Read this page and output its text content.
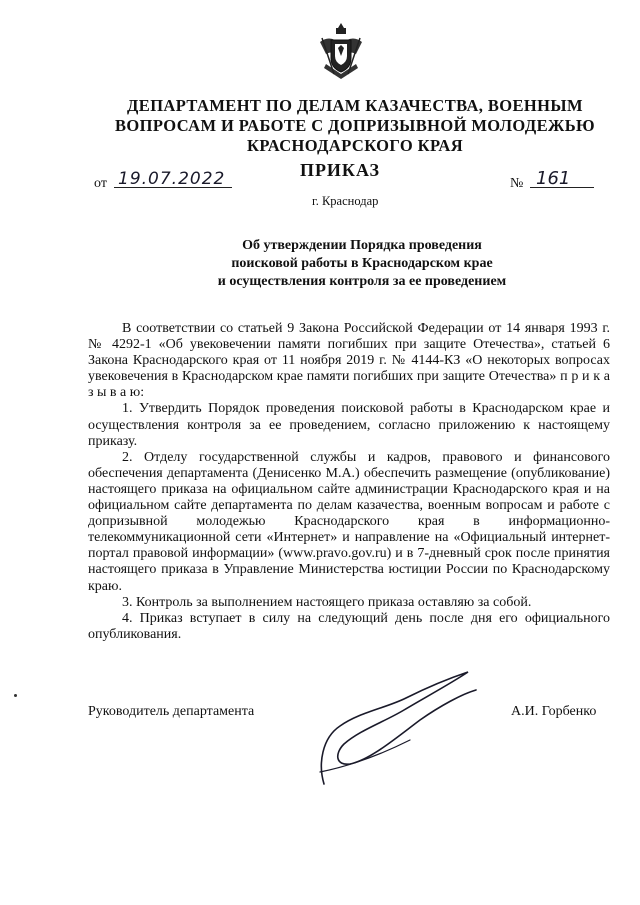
ДЕПАРТАМЕНТ ПО ДЕЛАМ КАЗАЧЕСТВА, ВОЕННЫМ
ВОПРОСАМ И РАБОТЕ С ДОПРИЗЫВНОЙ МОЛОДЕЖЬЮ
КРАСНОДАРСКОГО КРАЯ
ПРИКАЗ
от 19.07.2022	№ 161
г. Краснодар
Об утверждении Порядка проведения
поисковой работы в Краснодарском крае
и осуществления контроля за ее проведением

В соответствии со статьей 9 Закона Российской Федерации от 14 января 1993 г. № 4292-1 «Об увековечении памяти погибших при защите Отечества», статьей 6 Закона Краснодарского края от 11 ноября 2019 г. № 4144-КЗ «О некоторых вопросах увековечения в Краснодарском крае памяти погибших при защите Отечества» п р и к а з ы в а ю:

1. Утвердить Порядок проведения поисковой работы в Краснодарском крае и осуществления контроля за ее проведением, согласно приложению к настоящему приказу.

2. Отделу государственной службы и кадров, правового и финансового обеспечения департамента (Денисенко М.А.) обеспечить размещение (опубликование) настоящего приказа на официальном сайте администрации Краснодарского края и на официальном сайте департамента по делам казачества, военным вопросам и работе с допризывной молодежью Краснодарского края в информационно-телекоммуникационной сети «Интернет» и направление на «Официальный интернет-портал правовой информации» (www.pravo.gov.ru) и в 7-дневный срок после принятия настоящего приказа в Управление Министерства юстиции России по Краснодарскому краю.

3. Контроль за выполнением настоящего приказа оставляю за собой.

4. Приказ вступает в силу на следующий день после дня его официального опубликования.

Руководитель департамента	А.И. Горбенко
